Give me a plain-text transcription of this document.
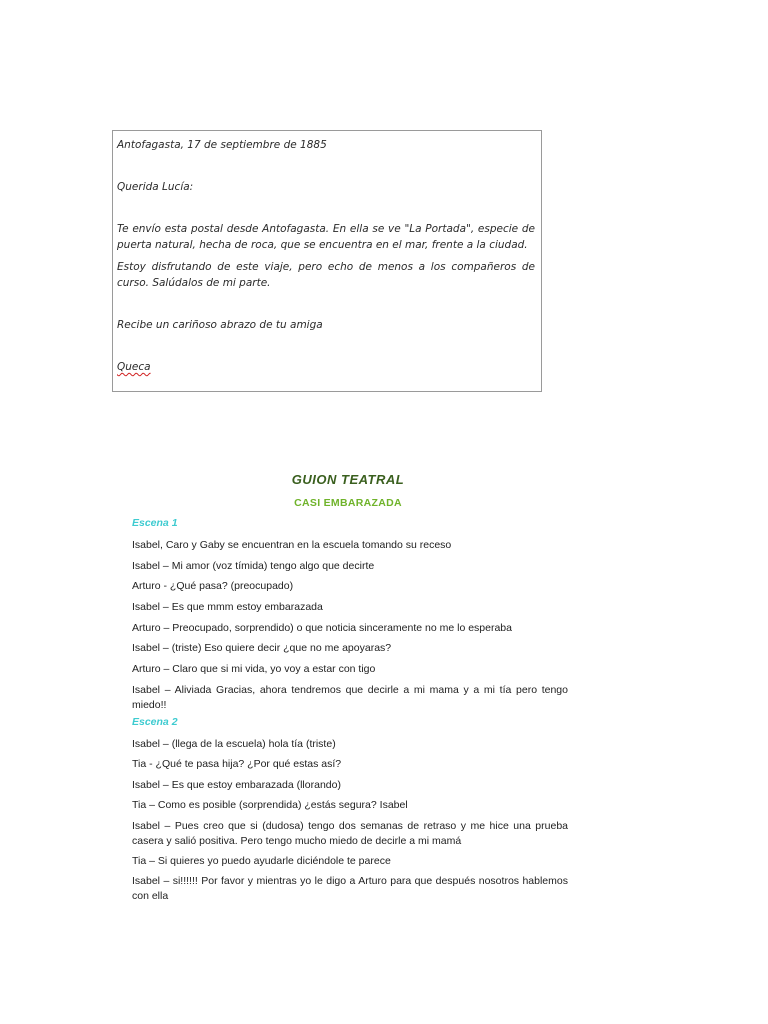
Antofagasta, 17 de septiembre de 1885

Querida Lucía:

Te envío esta postal desde Antofagasta. En ella se ve "La Portada", especie de puerta natural, hecha de roca, que se encuentra en el mar, frente a la ciudad.

Estoy disfrutando de este viaje, pero echo de menos a los compañeros de curso. Salúdalos de mi parte.

Recibe un cariñoso abrazo de tu amiga

Queca

GUION TEATRAL
CASI EMBARAZADA
Escena 1

Isabel, Caro y Gaby se encuentran en la escuela tomando su receso

Isabel – Mi amor (voz tímida) tengo algo que decirte

Arturo - ¿Qué pasa? (preocupado)

Isabel – Es que mmm estoy embarazada

Arturo – Preocupado, sorprendido) o que noticia sinceramente no me lo esperaba

Isabel – (triste) Eso quiere decir ¿que no me apoyaras?

Arturo – Claro que si mi vida, yo voy a estar con tigo

Isabel – Aliviada Gracias, ahora tendremos que decirle a mi mama y a mi tía pero tengo miedo!!

Escena 2

Isabel – (llega de la escuela) hola tía (triste)

Tia - ¿Qué te pasa hija? ¿Por qué estas así?

Isabel – Es que estoy embarazada (llorando)

Tia – Como es posible (sorprendida) ¿estás segura? Isabel

Isabel – Pues creo que si (dudosa) tengo dos semanas de retraso y me hice una prueba casera y salió positiva. Pero tengo mucho miedo de decirle a mi mamá

Tia – Si quieres yo puedo ayudarle diciéndole te parece

Isabel – si!!!!!! Por favor y mientras yo le digo a Arturo para que después nosotros hablemos con ella
